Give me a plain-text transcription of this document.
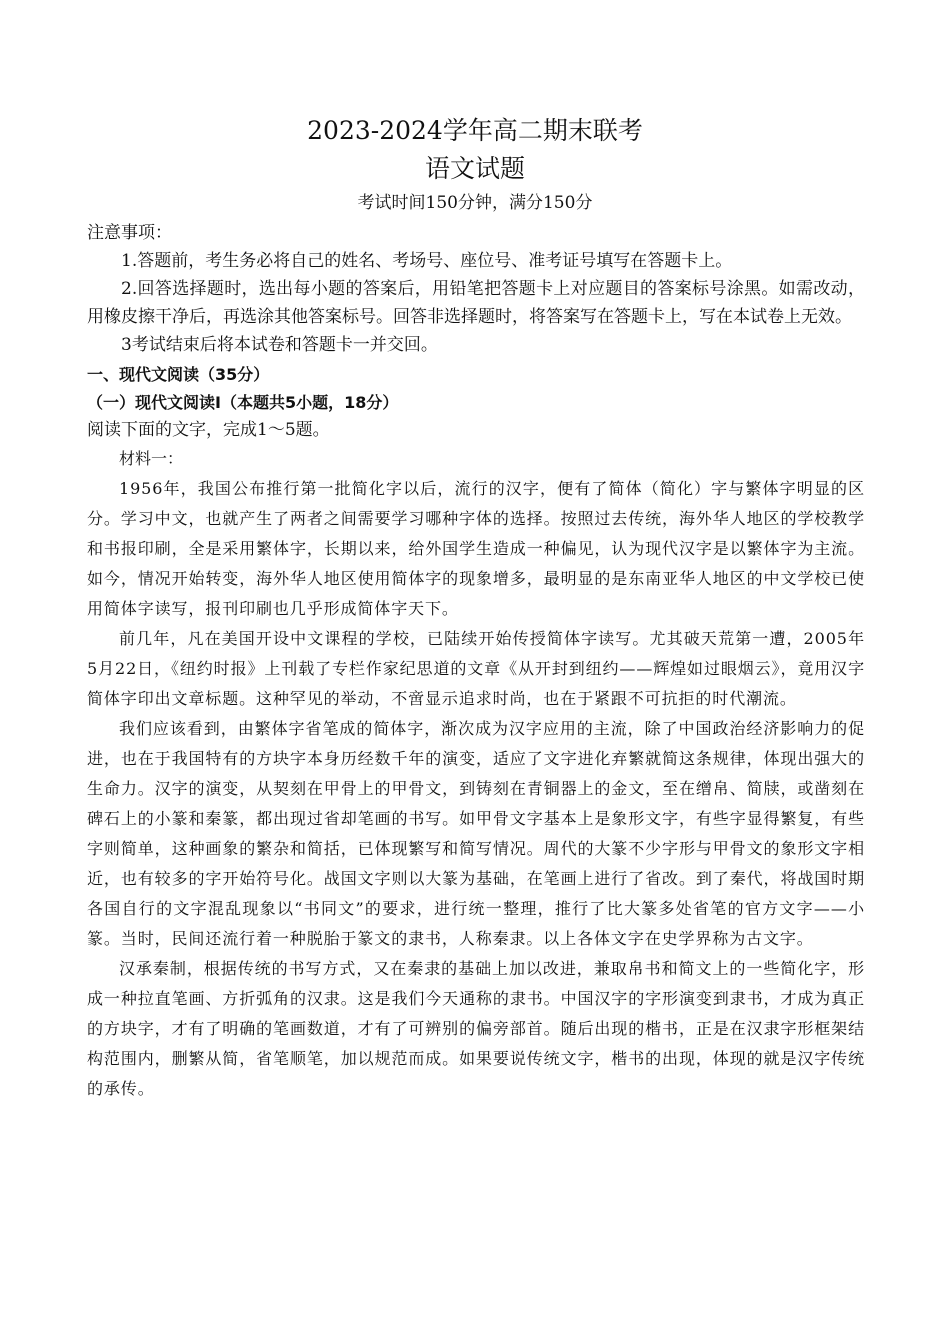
2023-2024学年高二期末联考
语文试题
考试时间150分钟，满分150分

注意事项：

1.答题前，考生务必将自己的姓名、考场号、座位号、准考证号填写在答题卡上。

2.回答选择题时，选出每小题的答案后，用铅笔把答题卡上对应题目的答案标号涂黑。如需改动，用橡皮擦干净后，再选涂其他答案标号。回答非选择题时，将答案写在答题卡上，写在本试卷上无效。

3考试结束后将本试卷和答题卡一并交回。

一、现代文阅读（35分）

（一）现代文阅读Ⅰ（本题共5小题，18分）

阅读下面的文字，完成1～5题。

材料一：

1956年，我国公布推行第一批简化字以后，流行的汉字，便有了简体（简化）字与繁体字明显的区分。学习中文，也就产生了两者之间需要学习哪种字体的选择。按照过去传统，海外华人地区的学校教学和书报印刷，全是采用繁体字，长期以来，给外国学生造成一种偏见，认为现代汉字是以繁体字为主流。如今，情况开始转变，海外华人地区使用简体字的现象增多，最明显的是东南亚华人地区的中文学校已使用简体字读写，报刊印刷也几乎形成简体字天下。

前几年，凡在美国开设中文课程的学校，已陆续开始传授简体字读写。尤其破天荒第一遭，2005年5月22日，《纽约时报》上刊载了专栏作家纪思道的文章《从开封到纽约——辉煌如过眼烟云》，竟用汉字简体字印出文章标题。这种罕见的举动，不啻显示追求时尚，也在于紧跟不可抗拒的时代潮流。

我们应该看到，由繁体字省笔成的简体字，渐次成为汉字应用的主流，除了中国政治经济影响力的促进，也在于我国特有的方块字本身历经数千年的演变，适应了文字进化弃繁就简这条规律，体现出强大的生命力。汉字的演变，从契刻在甲骨上的甲骨文，到铸刻在青铜器上的金文，至在缯帛、简牍，或凿刻在碑石上的小篆和秦篆，都出现过省却笔画的书写。如甲骨文字基本上是象形文字，有些字显得繁复，有些字则简单，这种画象的繁杂和简括，已体现繁写和简写情况。周代的大篆不少字形与甲骨文的象形文字相近，也有较多的字开始符号化。战国文字则以大篆为基础，在笔画上进行了省改。到了秦代，将战国时期各国自行的文字混乱现象以“书同文”的要求，进行统一整理，推行了比大篆多处省笔的官方文字——小篆。当时，民间还流行着一种脱胎于篆文的隶书，人称秦隶。以上各体文字在史学界称为古文字。

汉承秦制，根据传统的书写方式，又在秦隶的基础上加以改进，兼取帛书和简文上的一些简化字，形成一种拉直笔画、方折弧角的汉隶。这是我们今天通称的隶书。中国汉字的字形演变到隶书，才成为真正的方块字，才有了明确的笔画数道，才有了可辨别的偏旁部首。随后出现的楷书，正是在汉隶字形框架结构范围内，删繁从简，省笔顺笔，加以规范而成。如果要说传统文字，楷书的出现，体现的就是汉字传统的承传。
